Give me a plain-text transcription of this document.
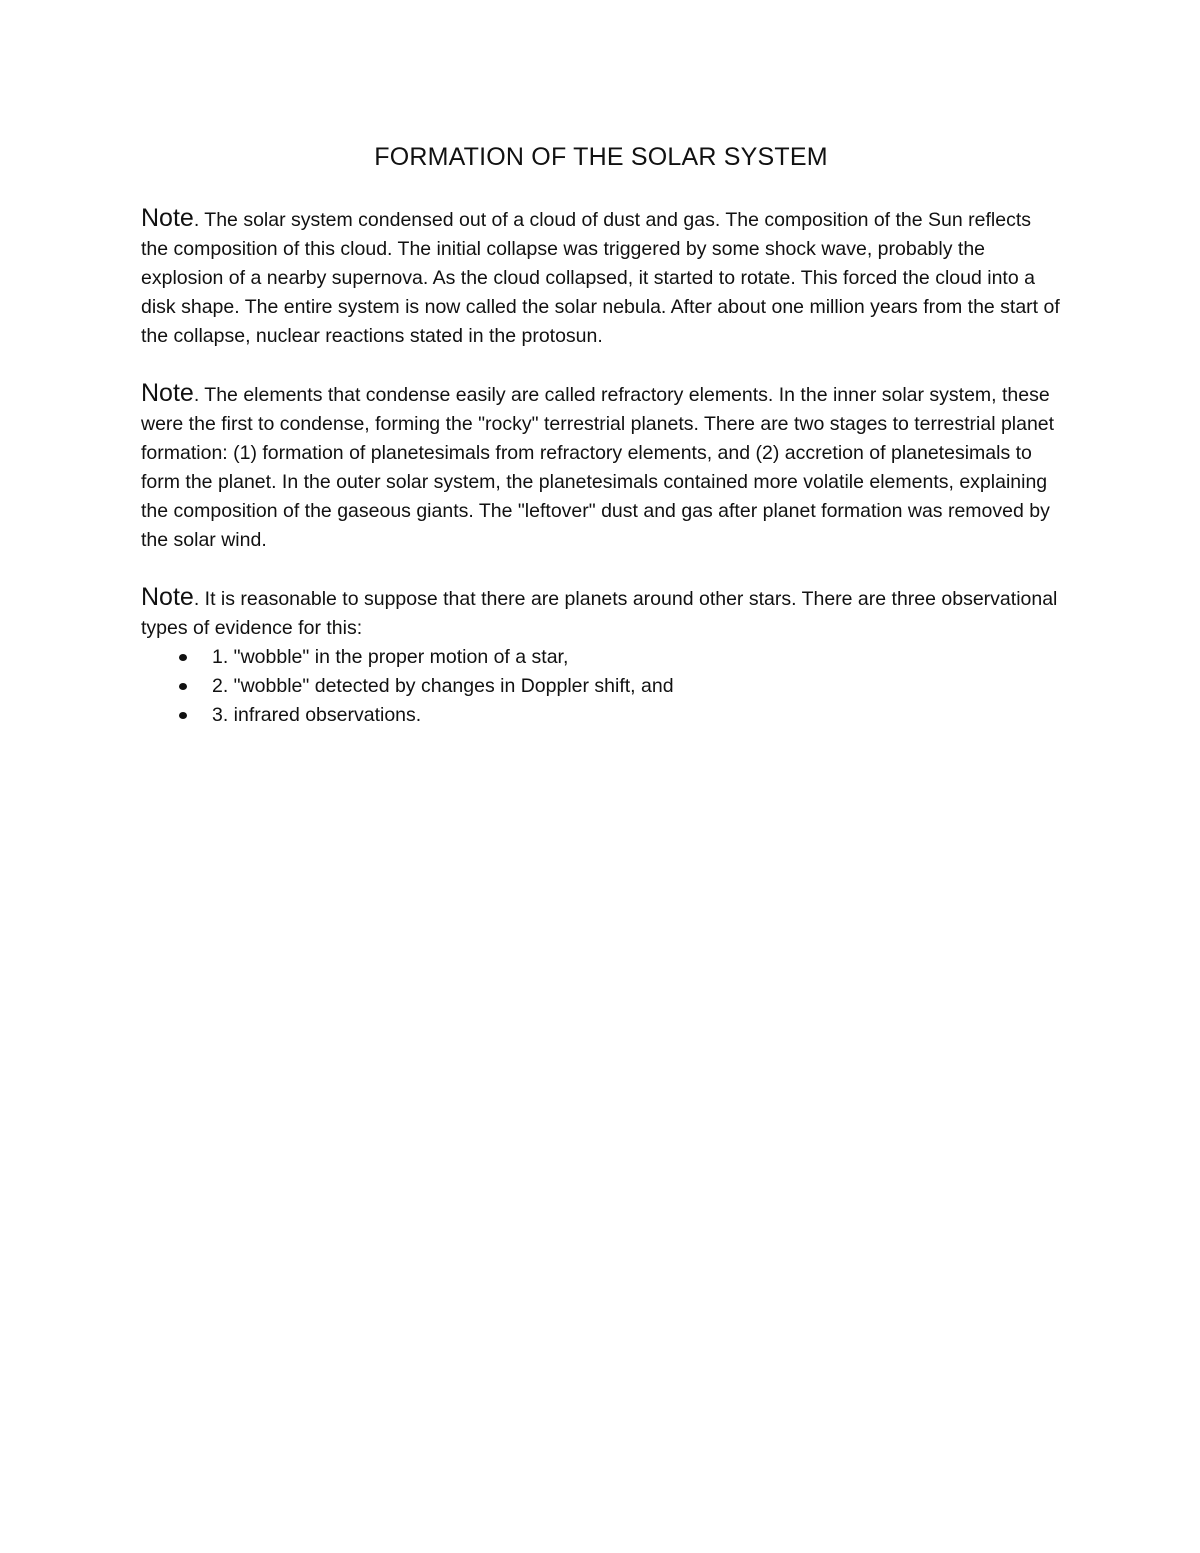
FORMATION OF THE SOLAR SYSTEM

Note. The solar system condensed out of a cloud of dust and gas. The composition of the Sun reflects the composition of this cloud. The initial collapse was triggered by some shock wave, probably the explosion of a nearby supernova. As the cloud collapsed, it started to rotate. This forced the cloud into a disk shape. The entire system is now called the solar nebula. After about one million years from the start of the collapse, nuclear reactions stated in the protosun.

Note. The elements that condense easily are called refractory elements. In the inner solar system, these were the first to condense, forming the "rocky" terrestrial planets. There are two stages to terrestrial planet formation: (1) formation of planetesimals from refractory elements, and (2) accretion of planetesimals to form the planet. In the outer solar system, the planetesimals contained more volatile elements, explaining the composition of the gaseous giants. The "leftover" dust and gas after planet formation was removed by the solar wind.

Note. It is reasonable to suppose that there are planets around other stars. There are three observational types of evidence for this:

1. "wobble" in the proper motion of a star,
2. "wobble" detected by changes in Doppler shift, and
3. infrared observations.
